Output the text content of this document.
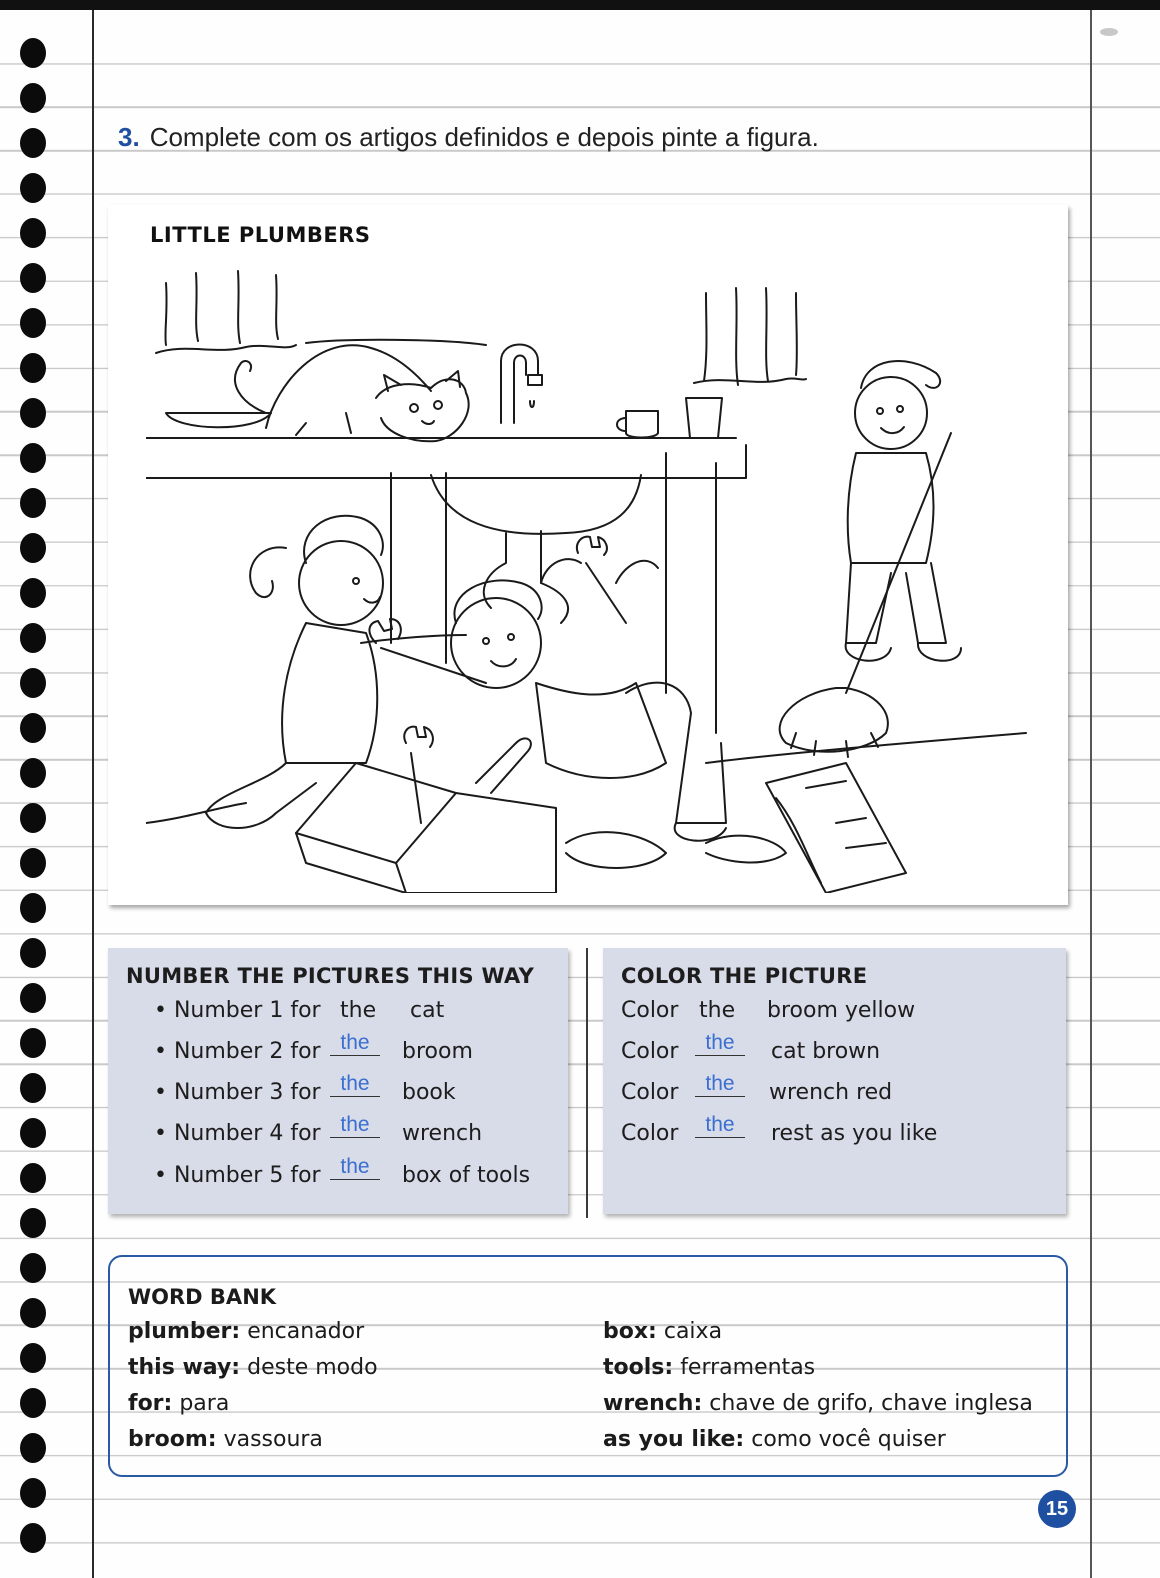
3. Complete com os artigos definidos e depois pinte a figura.
LITTLE PLUMBERS
NUMBER THE PICTURES THIS WAY
• Number 1 for the cat
• Number 2 for the	broom
• Number 3 for the	book
• Number 4 for the	wrench
• Number 5 for the	box of tools
COLOR THE PICTURE
Color the broom yellow
Color	the	cat brown
Color	the	wrench red
Color	the	rest as you like
WORD BANK
plumber: encanador
this way: deste modo
for: para
broom: vassoura
box: caixa
tools: ferramentas
wrench: chave de grifo, chave inglesa
as you like: como você quiser
15
